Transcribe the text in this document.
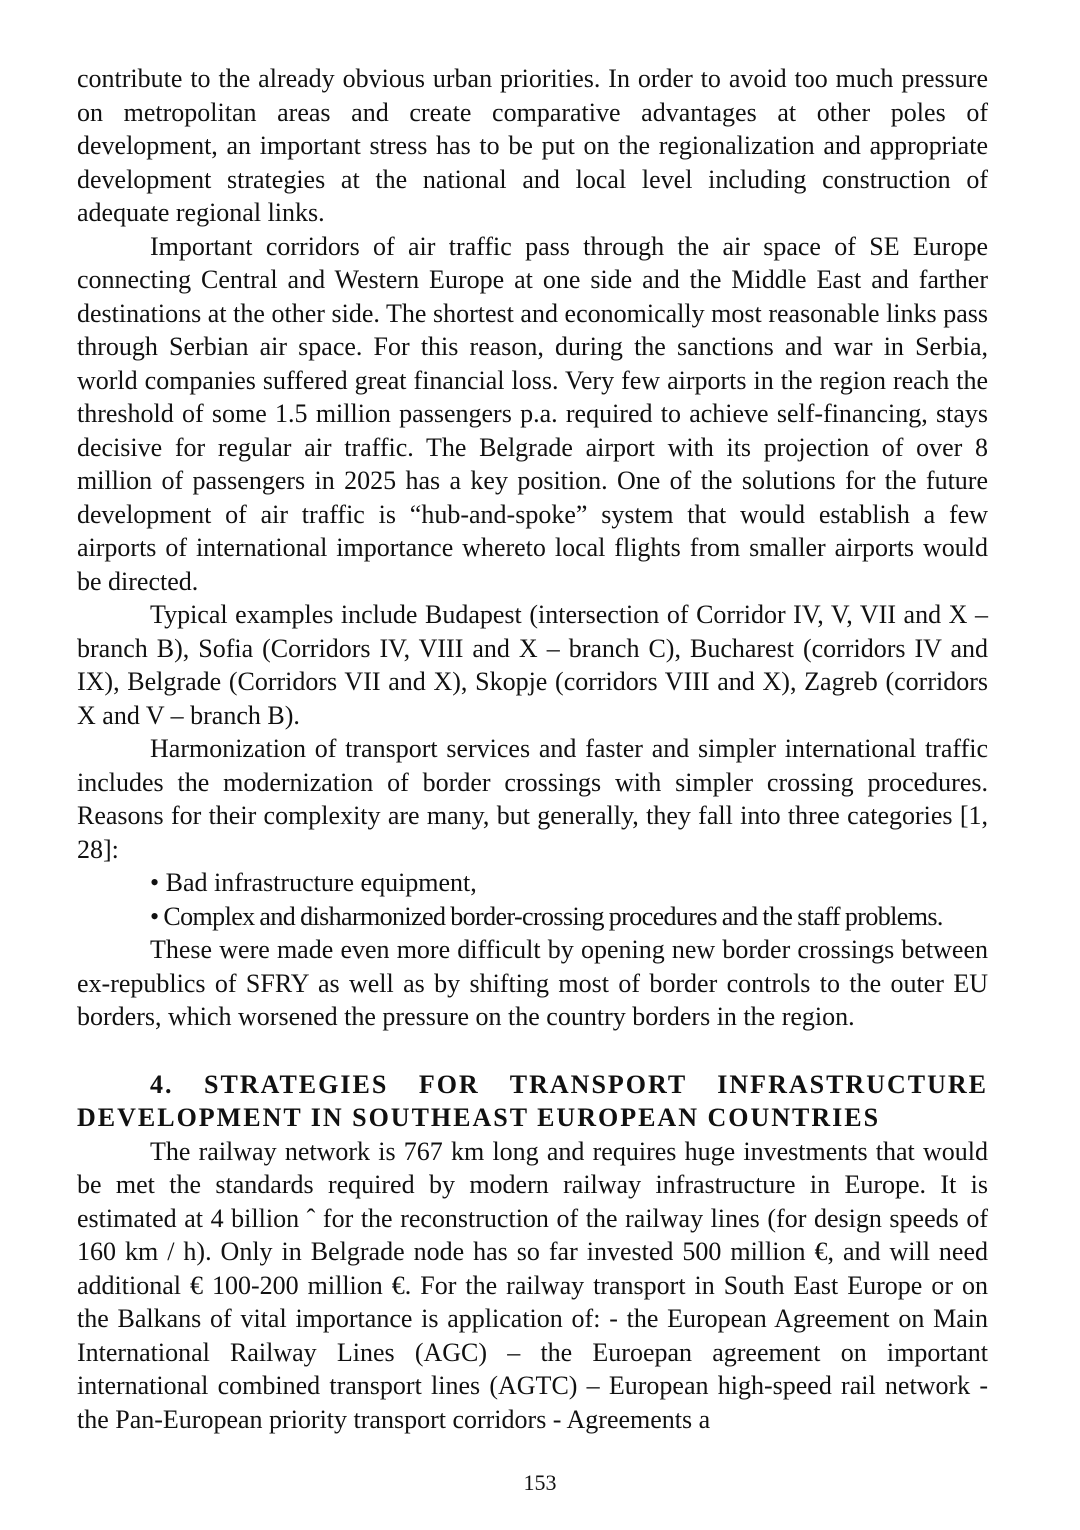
contribute to the already obvious urban priorities. In order to avoid too much pressure on metropolitan areas and create comparative advantages at other poles of development, an important stress has to be put on the regionalization and appropriate development strategies at the national and local level including construction of adequate regional links.

Important corridors of air traffic pass through the air space of SE Europe connecting Central and Western Europe at one side and the Middle East and farther destinations at the other side. The shortest and economically most reasonable links pass through Serbian air space. For this reason, during the sanctions and war in Serbia, world companies suffered great financial loss. Very few airports in the region reach the threshold of some 1.5 million passengers p.a. required to achieve self-financing, stays decisive for regular air traffic. The Belgrade airport with its projection of over 8 million of passengers in 2025 has a key position. One of the solutions for the future development of air traffic is “hub-and-spoke” system that would establish a few airports of international importance whereto local flights from smaller airports would be directed.

Typical examples include Budapest (intersection of Corridor IV, V, VII and X – branch B), Sofia (Corridors IV, VIII and X – branch C), Bucharest (corridors IV and IX), Belgrade (Corridors VII and X), Skopje (corridors VIII and X), Zagreb (corridors X and V – branch B).

Harmonization of transport services and faster and simpler international traffic includes the modernization of border crossings with simpler crossing procedures. Reasons for their complexity are many, but generally, they fall into three categories [1, 28]:

• Bad infrastructure equipment,

• Complex and disharmonized border-crossing procedures and the staff problems.

These were made even more difficult by opening new border crossings between ex-republics of SFRY as well as by shifting most of border controls to the outer EU borders, which worsened the pressure on the country borders in the region.

4. STRATEGIES FOR TRANSPORT INFRASTRUCTURE DEVELOPMENT IN SOUTHEAST EUROPEAN COUNTRIES

The railway network is 767 km long and requires huge investments that would be met the standards required by modern railway infrastructure in Europe. It is estimated at 4 billion ˆ for the reconstruction of the railway lines (for design speeds of 160 km / h). Only in Belgrade node has so far invested 500 million €, and will need additional € 100-200 million €. For the railway transport in South East Europe or on the Balkans of vital importance is application of: - the European Agreement on Main International Railway Lines (AGC) – the Euroepan agreement on important international combined transport lines (AGTC) – European high-speed rail network - the Pan-European priority transport corridors - Agreements a

153
